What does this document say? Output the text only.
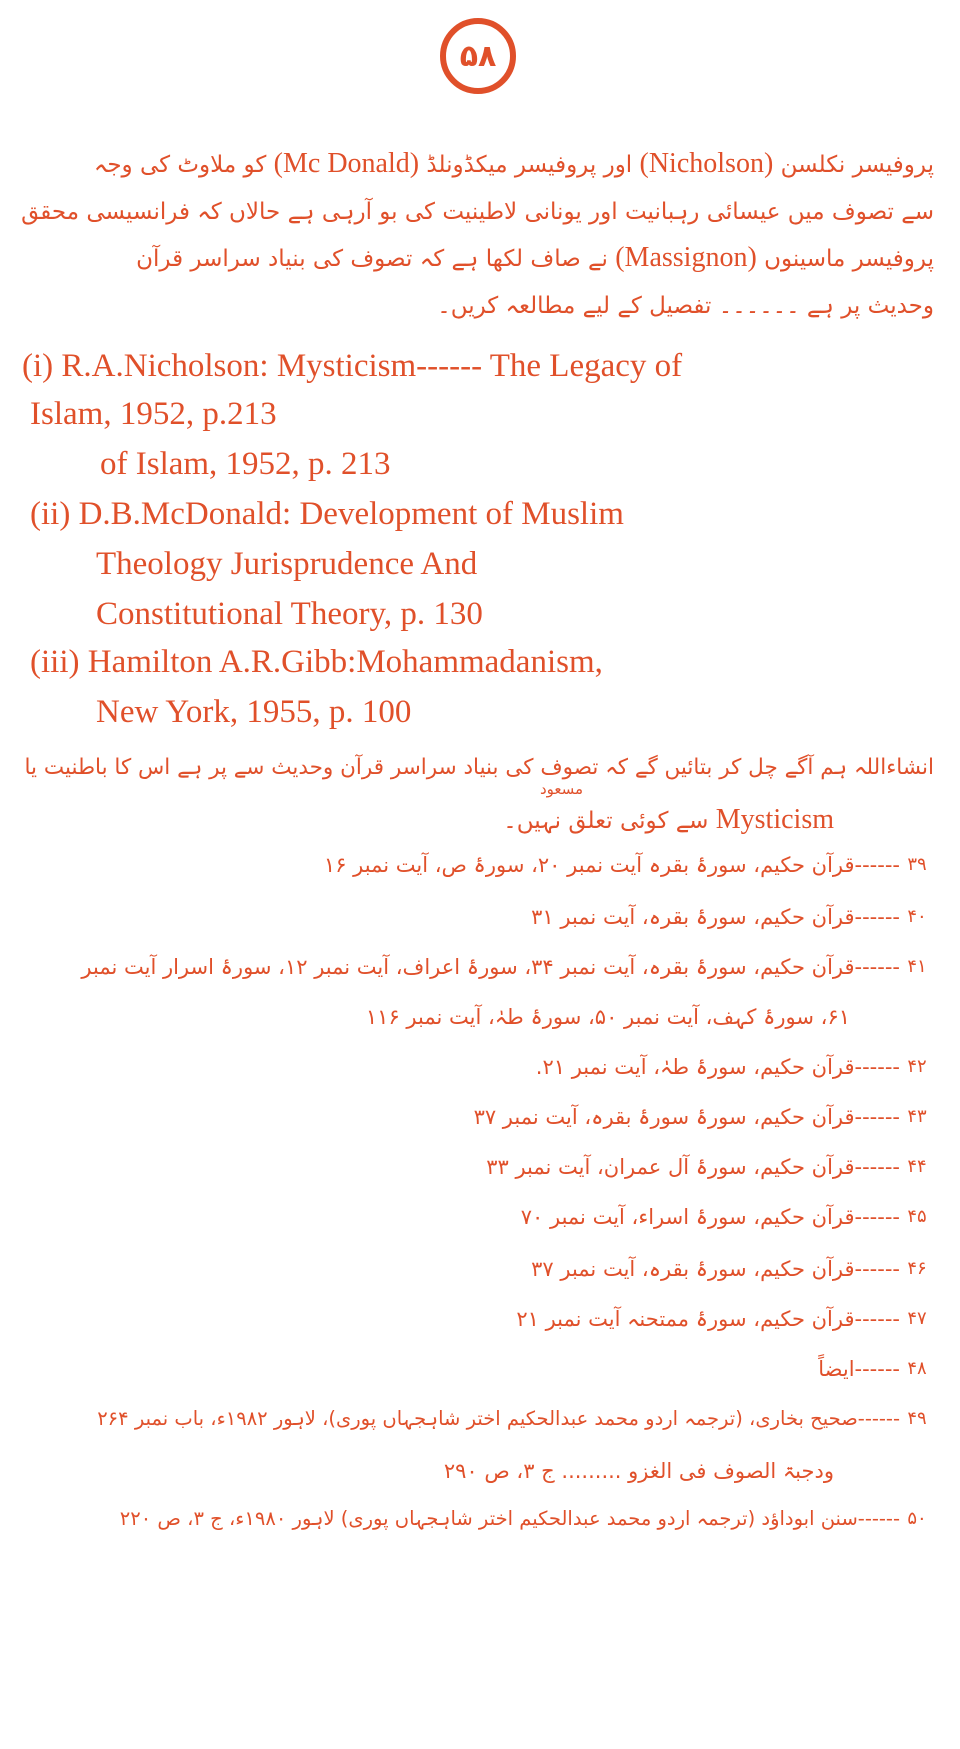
۵۸
پروفیسر نکلسن (Nicholson) اور پروفیسر میکڈونلڈ (Mc Donald) کو ملاوٹ کی وجہ
سے تصوف میں عیسائی رہبانیت اور یونانی لاطینیت کی بو آرہی ہے حالاں کہ فرانسیسی محقق
پروفیسر ماسینوں (Massignon) نے صاف لکھا ہے کہ تصوف کی بنیاد سراسر قرآن
وحدیث پر ہے ۔۔۔۔۔۔ تفصیل کے لیے مطالعہ کریں۔
(i) R.A.Nicholson: Mysticism------ The Legacy of
Islam, 1952, p.213
of Islam, 1952, p. 213
(ii) D.B.McDonald: Development of Muslim
Theology Jurisprudence And
Constitutional Theory, p. 130
(iii) Hamilton A.R.Gibb:Mohammadanism,
New York, 1955, p. 100
انشاءاللہ ہم آگے چل کر بتائیں گے کہ تصوف کی بنیاد سراسر قرآن وحدیث سے پر ہے اس کا باطنیت یا
Mysticism سے کوئی تعلق نہیں۔
مسعود
۳۹------قرآن حکیم، سورۂ بقرہ آیت نمبر ۲۰، سورۂ ص، آیت نمبر ۱۶
۴۰------قرآن حکیم، سورۂ بقرہ، آیت نمبر ۳۱
۴۱------قرآن حکیم، سورۂ بقرہ، آیت نمبر ۳۴، سورۂ اعراف، آیت نمبر ۱۲، سورۂ اسرار آیت نمبر
۶۱، سورۂ کہف، آیت نمبر ۵۰، سورۂ طہٰ، آیت نمبر ۱۱۶
۴۲------قرآن حکیم، سورۂ طہٰ، آیت نمبر ۲۱.
۴۳------قرآن حکیم، سورۂ سورۂ بقرہ، آیت نمبر ۳۷
۴۴------قرآن حکیم، سورۂ آل عمران، آیت نمبر ۳۳
۴۵------قرآن حکیم، سورۂ اسراء، آیت نمبر ۷۰
۴۶------قرآن حکیم، سورۂ بقرہ، آیت نمبر ۳۷
۴۷------قرآن حکیم، سورۂ ممتحنہ آیت نمبر ۲۱
۴۸------ایضاً
۴۹------صحیح بخاری، (ترجمہ اردو محمد عبدالحکیم اختر شاہجہاں پوری)، لاہور ۱۹۸۲ء، باب نمبر ۲۶۴
ودجبۃ الصوف فی الغزو ......... ج ۳، ص ۲۹۰
۵۰------سنن ابوداؤد (ترجمہ اردو محمد عبدالحکیم اختر شاہجہاں پوری) لاہور ۱۹۸۰ء، ج ۳، ص ۲۲۰
